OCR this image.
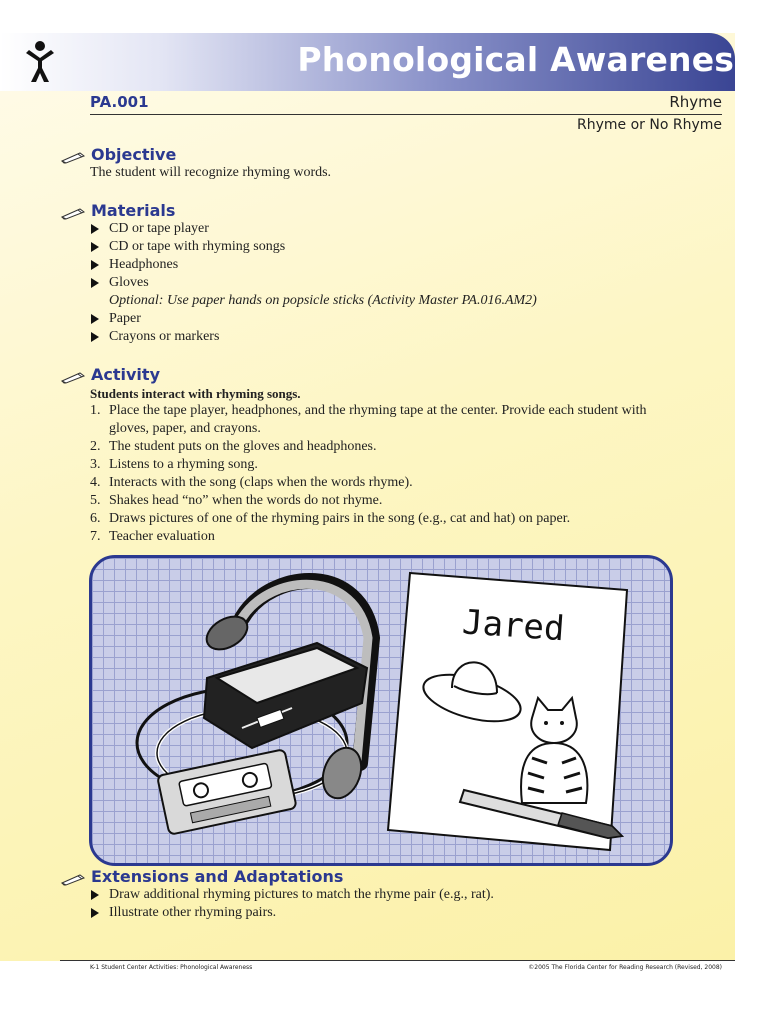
Phonological Awareness
PA.001	Rhyme
Rhyme or No Rhyme
Objective
The student will recognize rhyming words.
Materials
CD or tape player
CD or tape with rhyming songs
Headphones
Gloves
Optional: Use paper hands on popsicle sticks (Activity Master PA.016.AM2)
Paper
Crayons or markers
Activity
Students interact with rhyming songs.
1. Place the tape player, headphones, and the rhyming tape at the center. Provide each student with gloves, paper, and crayons.
2. The student puts on the gloves and headphones.
3. Listens to a rhyming song.
4. Interacts with the song (claps when the words rhyme).
5. Shakes head “no” when the words do not rhyme.
6. Draws pictures of one of the rhyming pairs in the song (e.g., cat and hat) on paper.
7. Teacher evaluation
Jared
Extensions and Adaptations
Draw additional rhyming pictures to match the rhyme pair (e.g., rat).
Illustrate other rhyming pairs.
K-1 Student Center Activities: Phonological Awareness	©2005 The Florida Center for Reading Research (Revised, 2008)
